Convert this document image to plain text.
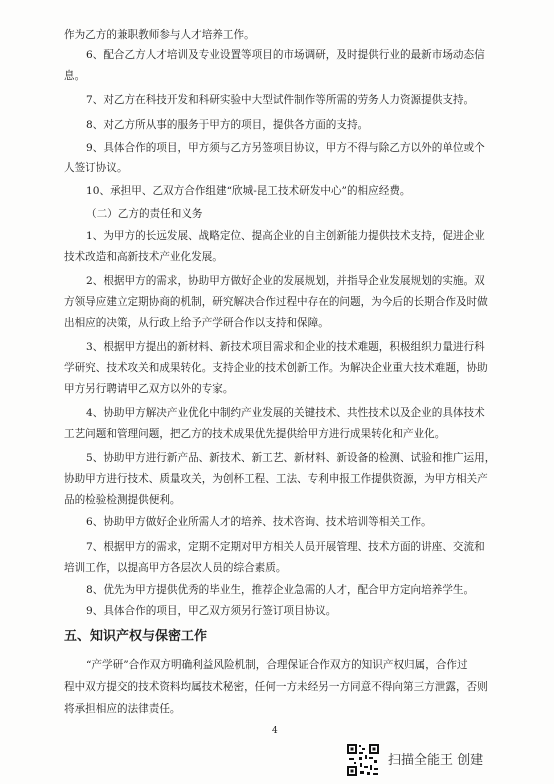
作为乙方的兼职教师参与人才培养工作。
6、配合乙方人才培训及专业设置等项目的市场调研，及时提供行业的最新市场动态信
息。
7、对乙方在科技开发和科研实验中大型试件制作等所需的劳务人力资源提供支持。
8、对乙方所从事的服务于甲方的项目，提供各方面的支持。
9、具体合作的项目，甲方须与乙方另签项目协议，甲方不得与除乙方以外的单位或个
人签订协议。
10、承担甲、乙双方合作组建“欣城-昆工技术研发中心”的相应经费。
（二）乙方的责任和义务
1、为甲方的长远发展、战略定位、提高企业的自主创新能力提供技术支持，促进企业
技术改造和高新技术产业化发展。
2、根据甲方的需求，协助甲方做好企业的发展规划，并指导企业发展规划的实施。双
方领导应建立定期协商的机制，研究解决合作过程中存在的问题，为今后的长期合作及时做
出相应的决策，从行政上给予产学研合作以支持和保障。
3、根据甲方提出的新材料、新技术项目需求和企业的技术难题，积极组织力量进行科
学研究、技术攻关和成果转化。支持企业的技术创新工作。为解决企业重大技术难题，协助
甲方另行聘请甲乙双方以外的专家。
4、协助甲方解决产业优化中制约产业发展的关键技术、共性技术以及企业的具体技术
工艺问题和管理问题，把乙方的技术成果优先提供给甲方进行成果转化和产业化。
5、协助甲方进行新产品、新技术、新工艺、新材料、新设备的检测、试验和推广运用，
协助甲方进行技术、质量攻关，为创杯工程、工法、专利申报工作提供资源，为甲方相关产
品的检验检测提供便利。
6、协助甲方做好企业所需人才的培养、技术咨询、技术培训等相关工作。
7、根据甲方的需求，定期不定期对甲方相关人员开展管理、技术方面的讲座、交流和
培训工作，以提高甲方各层次人员的综合素质。
8、优先为甲方提供优秀的毕业生，推荐企业急需的人才，配合甲方定向培养学生。
9、具体合作的项目，甲乙双方须另行签订项目协议。
五、知识产权与保密工作
4
扫描全能王 创建
“产学研”合作双方明确利益风险机制，合理保证合作双方的知识产权归属，合作过
程中双方提交的技术资料均属技术秘密，任何一方未经另一方同意不得向第三方泄露，否则
将承担相应的法律责任。
